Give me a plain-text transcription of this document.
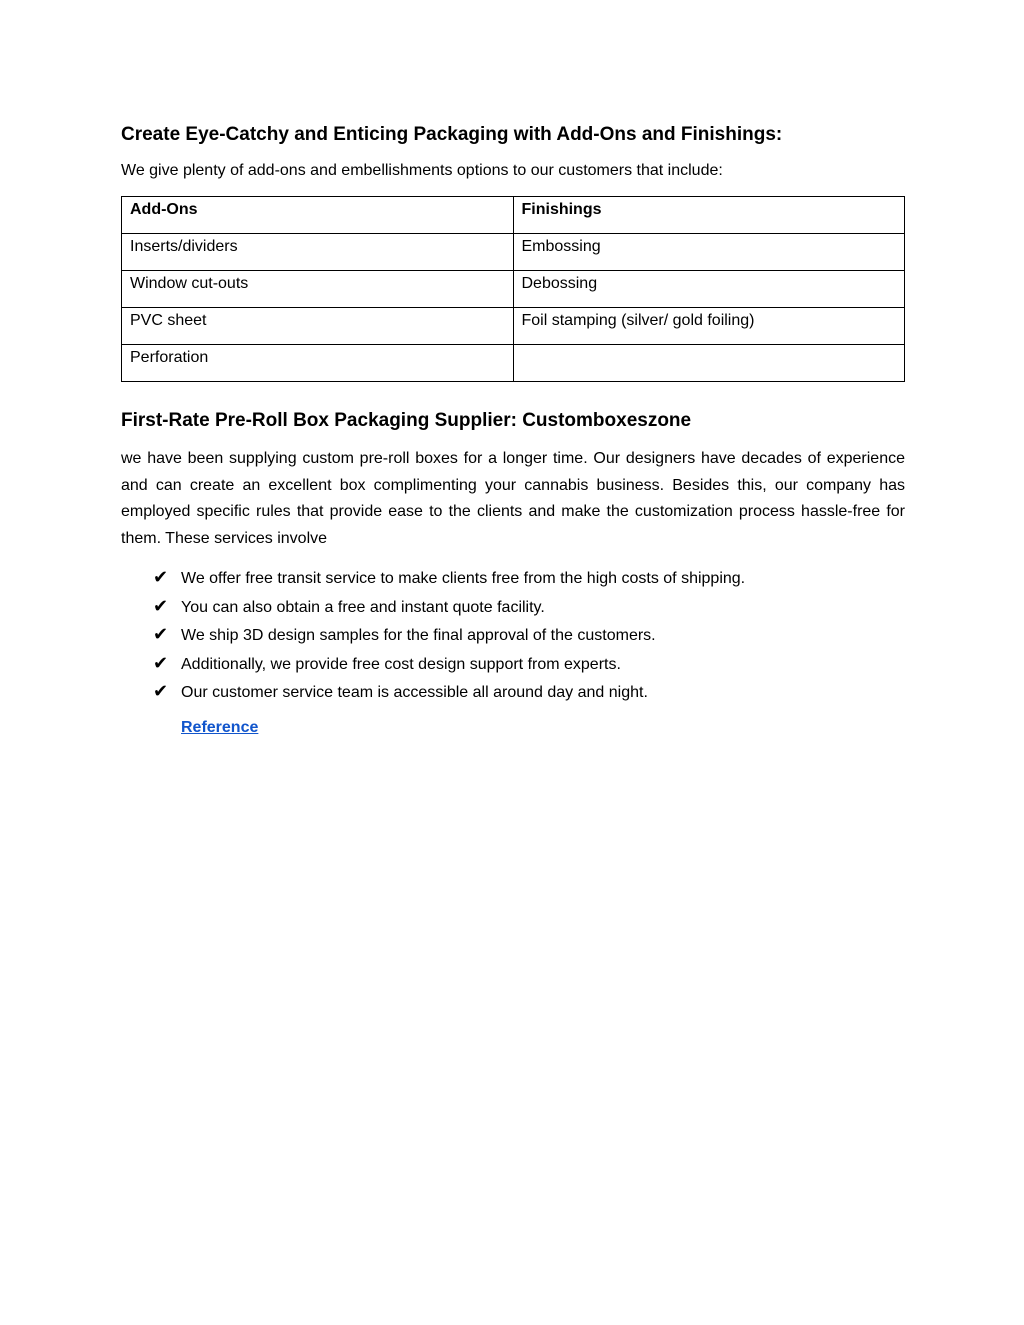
Create Eye-Catchy and Enticing Packaging with Add-Ons and Finishings:

We give plenty of add-ons and embellishments options to our customers that include:

Add-Ons	Finishings
Inserts/dividers	Embossing
Window cut-outs	Debossing
PVC sheet	Foil stamping (silver/ gold foiling)
Perforation	
First-Rate Pre-Roll Box Packaging Supplier: Customboxeszone

we have been supplying custom pre-roll boxes for a longer time. Our designers have decades of experience and can create an excellent box complimenting your cannabis business. Besides this, our company has employed specific rules that provide ease to the clients and make the customization process hassle-free for them. These services involve

✔ We offer free transit service to make clients free from the high costs of shipping.
✔ You can also obtain a free and instant quote facility.
✔ We ship 3D design samples for the final approval of the customers.
✔ Additionally, we provide free cost design support from experts.
✔ Our customer service team is accessible all around day and night.
Reference
